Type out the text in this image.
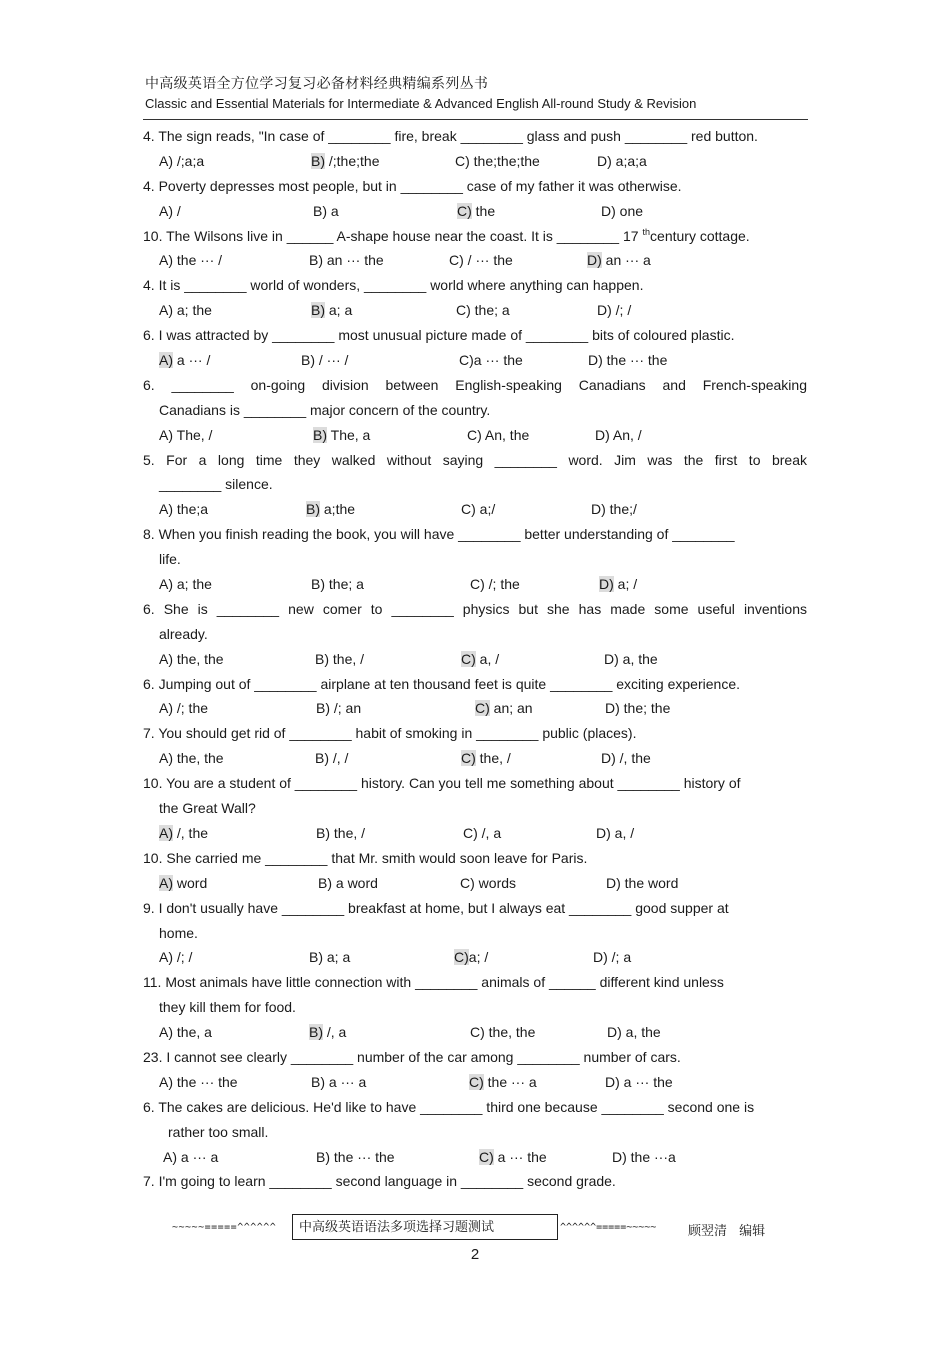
中高级英语全方位学习复习必备材料经典精编系列丛书
Classic and Essential Materials for Intermediate & Advanced English All-round Study & Revision
4. The sign reads, "In case of ________ fire, break ________ glass and push ________ red button.
A) /;a;a	B) /;the;the	C) the;the;the	D) a;a;a
4. Poverty depresses most people, but in ________ case of my father it was otherwise.
A) /	B) a	C) the	D) one
10. The Wilsons live in ______ A-shape house near the coast. It is ________ 17 $^{th}$century cottage.
A) the ··· /	B) an ··· the	C) / ··· the	D) an ··· a
4. It is ________ world of wonders, ________ world where anything can happen.
A) a; the	B) a; a	C) the; a	D) /; /
6. I was attracted by ________ most unusual picture made of ________ bits of coloured plastic.
A) a ··· /	B) / ··· /	C)a ··· the	D) the ··· the
6. ________ on-going division between English-speaking Canadians and French-speaking
Canadians is ________ major concern of the country.
A) The, /	B) The, a	C) An, the	D) An, /
5. For a long time they walked without saying ________ word. Jim was the first to break
________ silence.
A) the;a	B) a;the	C) a;/	D) the;/
8. When you finish reading the book, you will have ________ better understanding of ________
life.
A) a; the	B) the; a	C) /; the	D) a; /
6. She is ________ new comer to ________ physics but she has made some useful inventions
already.
A) the, the	B) the, /	C) a, /	D) a, the
6. Jumping out of ________ airplane at ten thousand feet is quite ________ exciting experience.
A) /; the	B) /; an	C) an; an	D) the; the
7. You should get rid of ________ habit of smoking in ________ public (places).
A) the, the	B) /, /	C) the, /	D) /, the
10. You are a student of ________ history. Can you tell me something about ________ history of
the Great Wall?
A) /, the	B) the, /	C) /, a	D) a, /
10. She carried me ________ that Mr. smith would soon leave for Paris.
A) word	B) a word	C) words	D) the word
9. I don't usually have ________ breakfast at home, but I always eat ________ good supper at
home.
A) /; /	B) a; a	C)a; /	D) /; a
11. Most animals have little connection with ________ animals of ______ different kind unless
they kill them for food.
A) the, a	B) /, a	C) the, the	D) a, the
23. I cannot see clearly ________ number of the car among ________ number of cars.
A) the ··· the	B) a ··· a	C) the ··· a	D) a ··· the
6. The cakes are delicious. He'd like to have ________ third one because ________ second one is
rather too small.
A) a ··· a	B) the ··· the	C) a ··· the	D) the ···a
7. I'm going to learn ________ second language in ________ second grade.
~~~~~=====^^^^^^	中高级英语语法多项选择习题测试	^^^^^^=====~~~~~ 顾翌清 编辑
2
